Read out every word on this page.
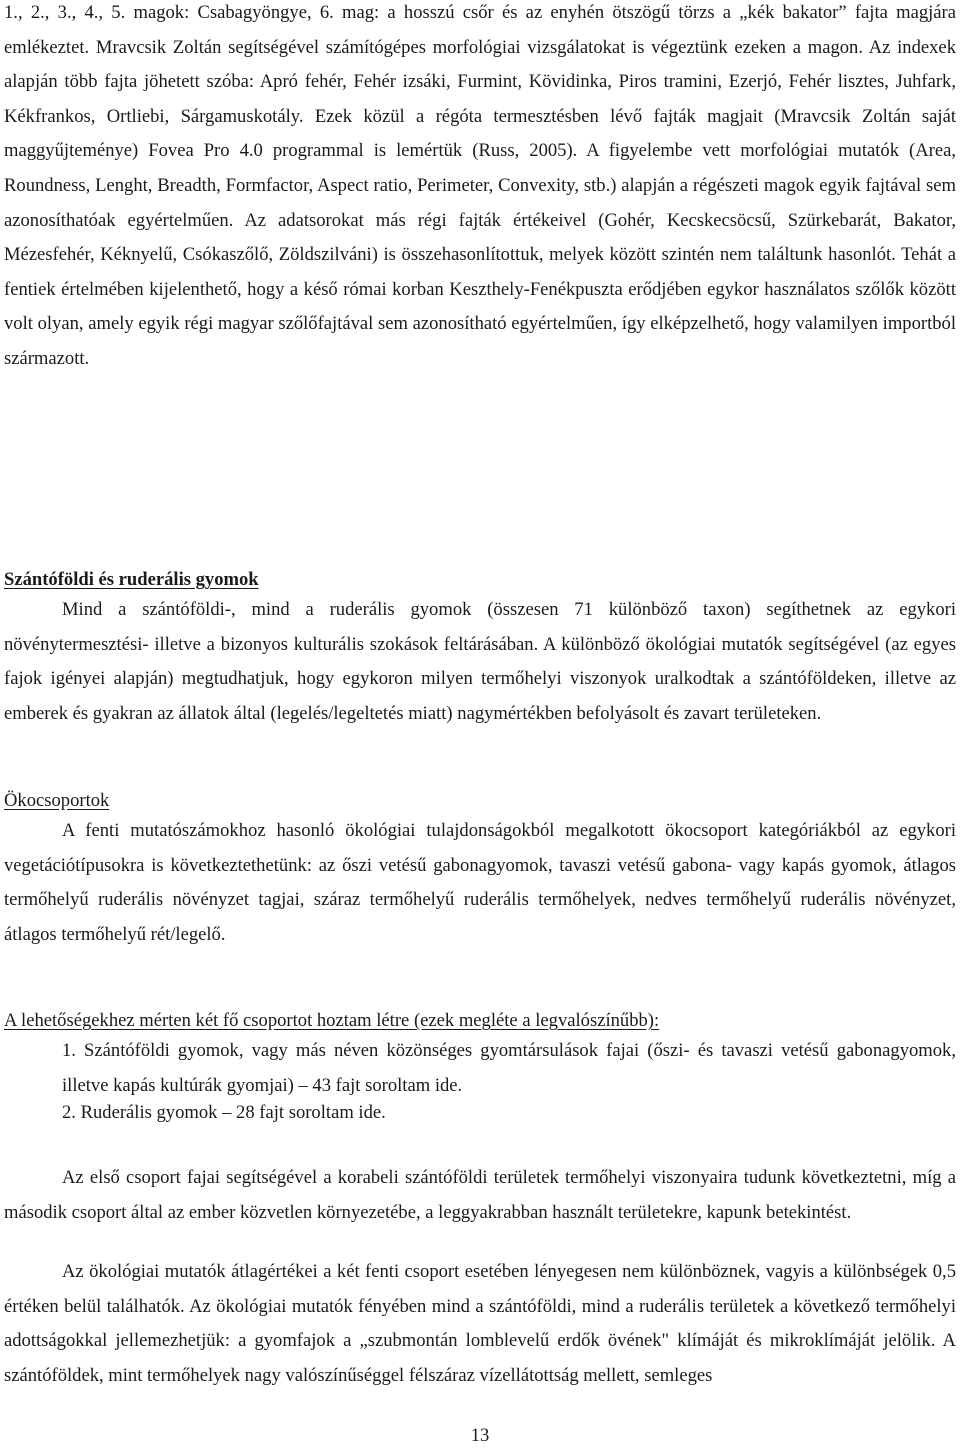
1., 2., 3., 4., 5. magok: Csabagyöngye, 6. mag: a hosszú csőr és az enyhén ötszögű törzs a „kék bakator” fajta magjára emlékeztet. Mravcsik Zoltán segítségével számítógépes morfológiai vizsgálatokat is végeztünk ezeken a magon. Az indexek alapján több fajta jöhetett szóba: Apró fehér, Fehér izsáki, Furmint, Kövidinka, Piros tramini, Ezerjó, Fehér lisztes, Juhfark, Kékfrankos, Ortliebi, Sárgamuskotály. Ezek közül a régóta termesztésben lévő fajták magjait (Mravcsik Zoltán saját maggyűjteménye) Fovea Pro 4.0 programmal is lemértük (Russ, 2005). A figyelembe vett morfológiai mutatók (Area, Roundness, Lenght, Breadth, Formfactor, Aspect ratio, Perimeter, Convexity, stb.) alapján a régészeti magok egyik fajtával sem azonosíthatóak egyértelműen. Az adatsorokat más régi fajták értékeivel (Gohér, Kecskecsöcsű, Szürkebarát, Bakator, Mézesfehér, Kéknyelű, Csókaszőlő, Zöldszilváni) is összehasonlítottuk, melyek között szintén nem találtunk hasonlót. Tehát a fentiek értelmében kijelenthető, hogy a késő római korban Keszthely-Fenékpuszta erődjében egykor használatos szőlők között volt olyan, amely egyik régi magyar szőlőfajtával sem azonosítható egyértelműen, így elképzelhető, hogy valamilyen importból származott.
Szántóföldi és ruderális gyomok
Mind a szántóföldi-, mind a ruderális gyomok (összesen 71 különböző taxon) segíthetnek az egykori növénytermesztési- illetve a bizonyos kulturális szokások feltárásában. A különböző ökológiai mutatók segítségével (az egyes fajok igényei alapján) megtudhatjuk, hogy egykoron milyen termőhelyi viszonyok uralkodtak a szántóföldeken, illetve az emberek és gyakran az állatok által (legelés/legeltetés miatt) nagymértékben befolyásolt és zavart területeken.
Ökocsoportok
A fenti mutatószámokhoz hasonló ökológiai tulajdonságokból megalkotott ökocsoport kategóriákból az egykori vegetációtípusokra is következtethetünk: az őszi vetésű gabonagyomok, tavaszi vetésű gabona- vagy kapás gyomok, átlagos termőhelyű ruderális növényzet tagjai, száraz termőhelyű ruderális termőhelyek, nedves termőhelyű ruderális növényzet, átlagos termőhelyű rét/legelő.
A lehetőségekhez mérten két fő csoportot hoztam létre (ezek megléte a legvalószínűbb):
1. Szántóföldi gyomok, vagy más néven közönséges gyomtársulások fajai (őszi- és tavaszi vetésű gabonagyomok, illetve kapás kultúrák gyomjai) – 43 fajt soroltam ide.
2. Ruderális gyomok – 28 fajt soroltam ide.
Az első csoport fajai segítségével a korabeli szántóföldi területek termőhelyi viszonyaira tudunk következtetni, míg a második csoport által az ember közvetlen környezetébe, a leggyakrabban használt területekre, kapunk betekintést.
Az ökológiai mutatók átlagértékei a két fenti csoport esetében lényegesen nem különböznek, vagyis a különbségek 0,5 értéken belül találhatók. Az ökológiai mutatók fényében mind a szántóföldi, mind a ruderális területek a következő termőhelyi adottságokkal jellemezhetjük: a gyomfajok a „szubmontán lomblevelű erdők övének" klímáját és mikroklímáját jelölik. A szántóföldek, mint termőhelyek nagy valószínűséggel félszáraz vízellátottság mellett, semleges
13
